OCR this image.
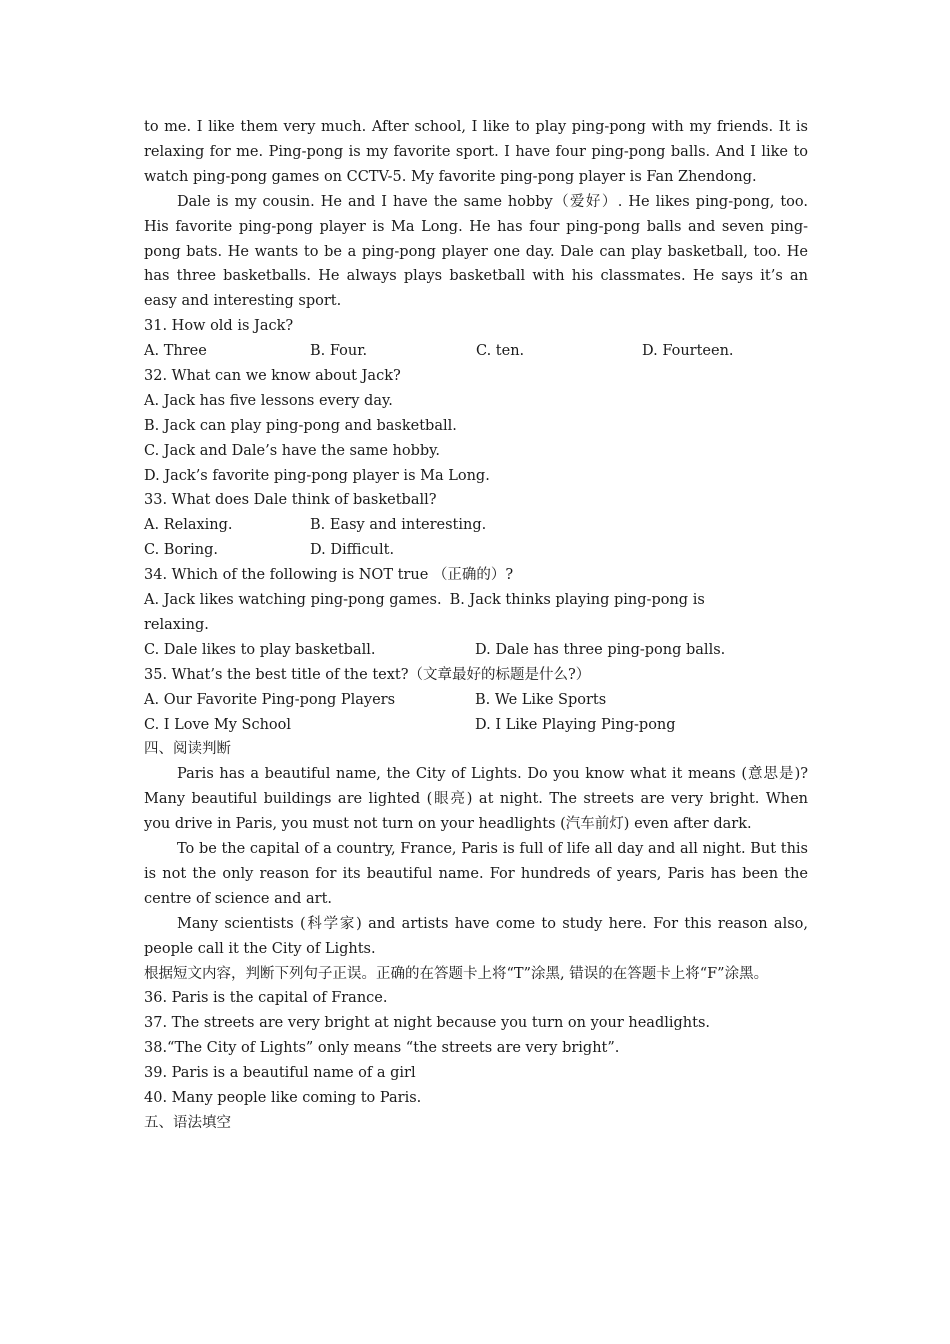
to me. I like them very much. After school, I like to play ping-pong with my friends. It is relaxing for me. Ping-pong is my favorite sport. I have four ping-pong balls. And I like to watch ping-pong games on CCTV-5. My favorite ping-pong player is Fan Zhendong.

Dale is my cousin. He and I have the same hobby（爱好）. He likes ping-pong, too. His favorite ping-pong player is Ma Long. He has four ping-pong balls and seven ping-pong bats. He wants to be a ping-pong player one day. Dale can play basketball, too. He has three basketballs. He always plays basketball with his classmates. He says it’s an easy and interesting sport.

31. How old is Jack?

A. Three	B. Four.	C. ten.	D. Fourteen.

32. What can we know about Jack?

A. Jack has five lessons every day.

B. Jack can play ping-pong and basketball.

C. Jack and Dale’s have the same hobby.

D. Jack’s favorite ping-pong player is Ma Long.

33. What does Dale think of basketball?

A. Relaxing.	B. Easy and interesting.
C. Boring.	D. Difficult.

34. Which of the following is NOT true （正确的）?

A. Jack likes watching ping-pong games. B. Jack thinks playing ping-pong is

relaxing.

C. Dale likes to play basketball.	D. Dale has three ping-pong balls.

35. What’s the best title of the text?（文章最好的标题是什么?）

A. Our Favorite Ping-pong Players	B. We Like Sports
C. I Love My School	D. I Like Playing Ping-pong

四、阅读判断

Paris has a beautiful name, the City of Lights. Do you know what it means (意思是)? Many beautiful buildings are lighted (眼亮) at night. The streets are very bright. When you drive in Paris, you must not turn on your headlights (汽车前灯) even after dark.

To be the capital of a country, France, Paris is full of life all day and all night. But this is not the only reason for its beautiful name. For hundreds of years, Paris has been the centre of science and art.

Many scientists (科学家) and artists have come to study here. For this reason also, people call it the City of Lights.

根据短文内容，判断下列句子正误。正确的在答题卡上将“T”涂黑, 错误的在答题卡上将“F”涂黑。

36. Paris is the capital of France.

37. The streets are very bright at night because you turn on your headlights.

38.“The City of Lights” only means “the streets are very bright”.

39. Paris is a beautiful name of a girl

40. Many people like coming to Paris.

五、语法填空
